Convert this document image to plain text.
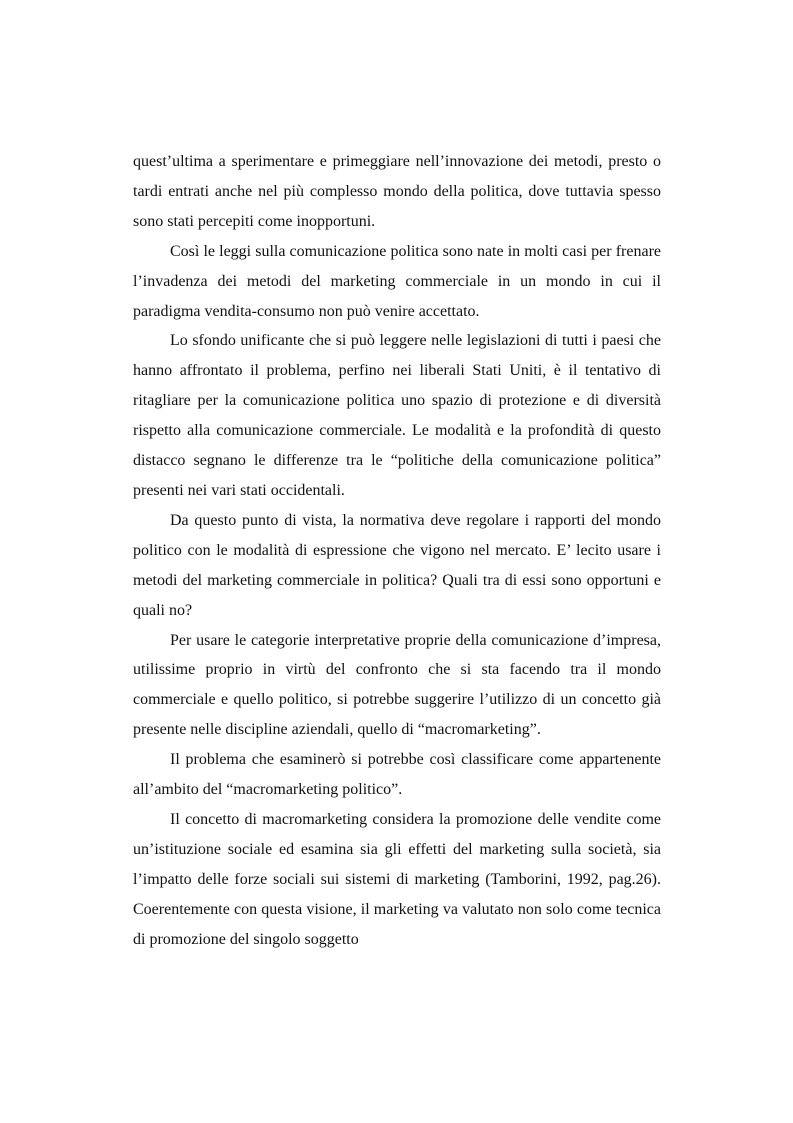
quest’ultima a sperimentare e primeggiare nell’innovazione dei metodi, presto o tardi entrati anche nel più complesso mondo della politica, dove tuttavia spesso sono stati percepiti come inopportuni.

Così le leggi sulla comunicazione politica sono nate in molti casi per frenare l’invadenza dei metodi del marketing commerciale in un mondo in cui il paradigma vendita-consumo non può venire accettato.

Lo sfondo unificante che si può leggere nelle legislazioni di tutti i paesi che hanno affrontato il problema, perfino nei liberali Stati Uniti, è il tentativo di ritagliare per la comunicazione politica uno spazio di protezione e di diversità rispetto alla comunicazione commerciale. Le modalità e la profondità di questo distacco segnano le differenze tra le “politiche della comunicazione politica” presenti nei vari stati occidentali.

Da questo punto di vista, la normativa deve regolare i rapporti del mondo politico con le modalità di espressione che vigono nel mercato. E’ lecito usare i metodi del marketing commerciale in politica? Quali tra di essi sono opportuni e quali no?

Per usare le categorie interpretative proprie della comunicazione d’impresa, utilissime proprio in virtù del confronto che si sta facendo tra il mondo commerciale e quello politico, si potrebbe suggerire l’utilizzo di un concetto già presente nelle discipline aziendali, quello di “macromarketing”.

Il problema che esaminerò si potrebbe così classificare come appartenente all’ambito del “macromarketing politico”.

Il concetto di macromarketing considera la promozione delle vendite come un’istituzione sociale ed esamina sia gli effetti del marketing sulla società, sia l’impatto delle forze sociali sui sistemi di marketing (Tamborini, 1992, pag.26). Coerentemente con questa visione, il marketing va valutato non solo come tecnica di promozione del singolo soggetto
